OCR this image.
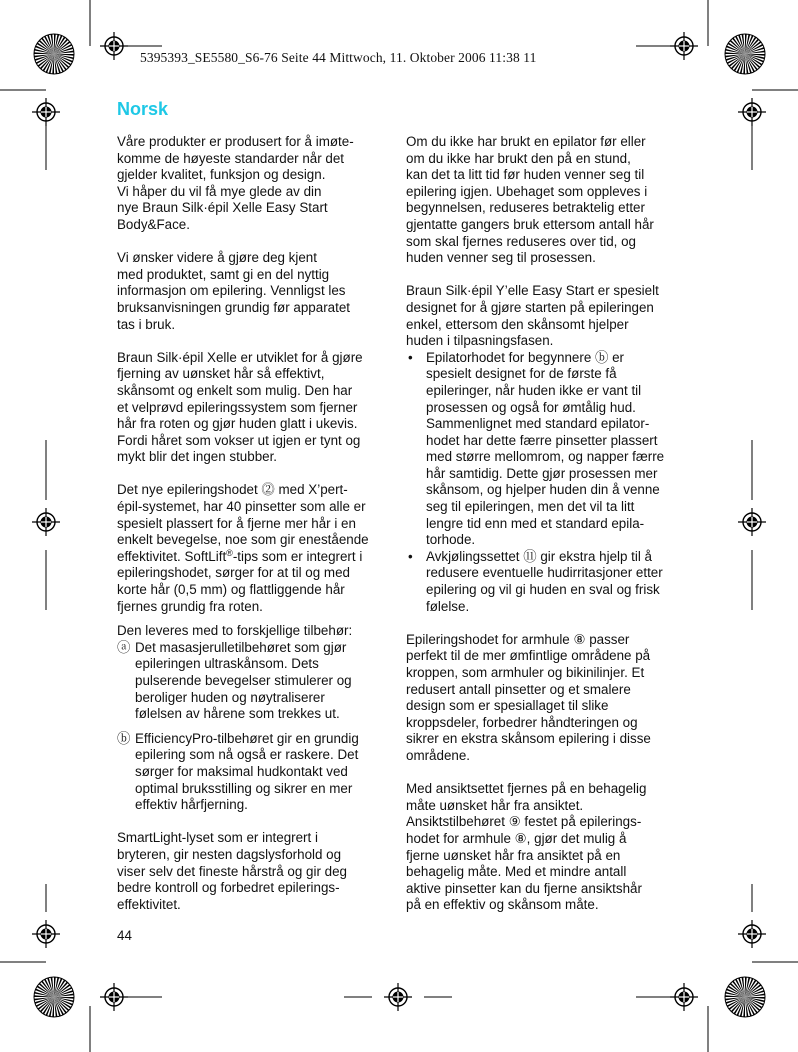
5395393_SE5580_S6-76 Seite 44 Mittwoch, 11. Oktober 2006 11:38 11
Norsk

Våre produkter er produsert for å imøte-
komme de høyeste standarder når det
gjelder kvalitet, funksjon og design.
Vi håper du vil få mye glede av din
nye Braun Silk·épil Xelle Easy Start
Body&Face.

Vi ønsker videre å gjøre deg kjent
med produktet, samt gi en del nyttig
informasjon om epilering. Vennligst les
bruksanvisningen grundig før apparatet
tas i bruk.

Braun Silk·épil Xelle er utviklet for å gjøre
fjerning av uønsket hår så effektivt,
skånsomt og enkelt som mulig. Den har
et velprøvd epileringssystem som fjerner
hår fra roten og gjør huden glatt i ukevis.
Fordi håret som vokser ut igjen er tynt og
mykt blir det ingen stubber.

Det nye epileringshodet ⓶ med X’pert-
épil-systemet, har 40 pinsetter som alle er
spesielt plassert for å fjerne mer hår i en
enkelt bevegelse, noe som gir enestående
effektivitet. SoftLift®-tips som er integrert i
epileringshodet, sørger for at til og med
korte hår (0,5 mm) og flattliggende hår
fjernes grundig fra roten.

Den leveres med to forskjellige tilbehør:

ⓐ Det masasjerulletilbehøret som gjør
epileringen ultraskånsom. Dets
pulserende bevegelser stimulerer og
beroliger huden og nøytraliserer
følelsen av hårene som trekkes ut.
ⓑ EfficiencyPro-tilbehøret gir en grundig
epilering som nå også er raskere. Det
sørger for maksimal hudkontakt ved
optimal bruksstilling og sikrer en mer
effektiv hårfjerning.

SmartLight-lyset som er integrert i
bryteren, gir nesten dagslysforhold og
viser selv det fineste hårstrå og gir deg
bedre kontroll og forbedret epilerings-
effektivitet.

Om du ikke har brukt en epilator før eller
om du ikke har brukt den på en stund,
kan det ta litt tid før huden venner seg til
epilering igjen. Ubehaget som oppleves i
begynnelsen, reduseres betraktelig etter
gjentatte gangers bruk ettersom antall hår
som skal fjernes reduseres over tid, og
huden venner seg til prosessen.

Braun Silk·épil Y’elle Easy Start er spesielt
designet for å gjøre starten på epileringen
enkel, ettersom den skånsomt hjelper
huden i tilpasningsfasen.

• Epilatorhodet for begynnere ⓑ er
spesielt designet for de første få
epileringer, når huden ikke er vant til
prosessen og også for ømtålig hud.
Sammenlignet med standard epilator-
hodet har dette færre pinsetter plassert
med større mellomrom, og napper færre
hår samtidig. Dette gjør prosessen mer
skånsom, og hjelper huden din å venne
seg til epileringen, men det vil ta litt
lengre tid enn med et standard epila-
torhode.
• Avkjølingssettet ⑪ gir ekstra hjelp til å
redusere eventuelle hudirritasjoner etter
epilering og vil gi huden en sval og frisk
følelse.

Epileringshodet for armhule ⑧ passer
perfekt til de mer ømfintlige områdene på
kroppen, som armhuler og bikinilinjer. Et
redusert antall pinsetter og et smalere
design som er spesiallaget til slike
kroppsdeler, forbedrer håndteringen og
sikrer en ekstra skånsom epilering i disse
områdene.

Med ansiktsettet fjernes på en behagelig
måte uønsket hår fra ansiktet.
Ansiktstilbehøret ⑨ festet på epilerings-
hodet for armhule ⑧, gjør det mulig å
fjerne uønsket hår fra ansiktet på en
behagelig måte. Med et mindre antall
aktive pinsetter kan du fjerne ansiktshår
på en effektiv og skånsom måte.

44
